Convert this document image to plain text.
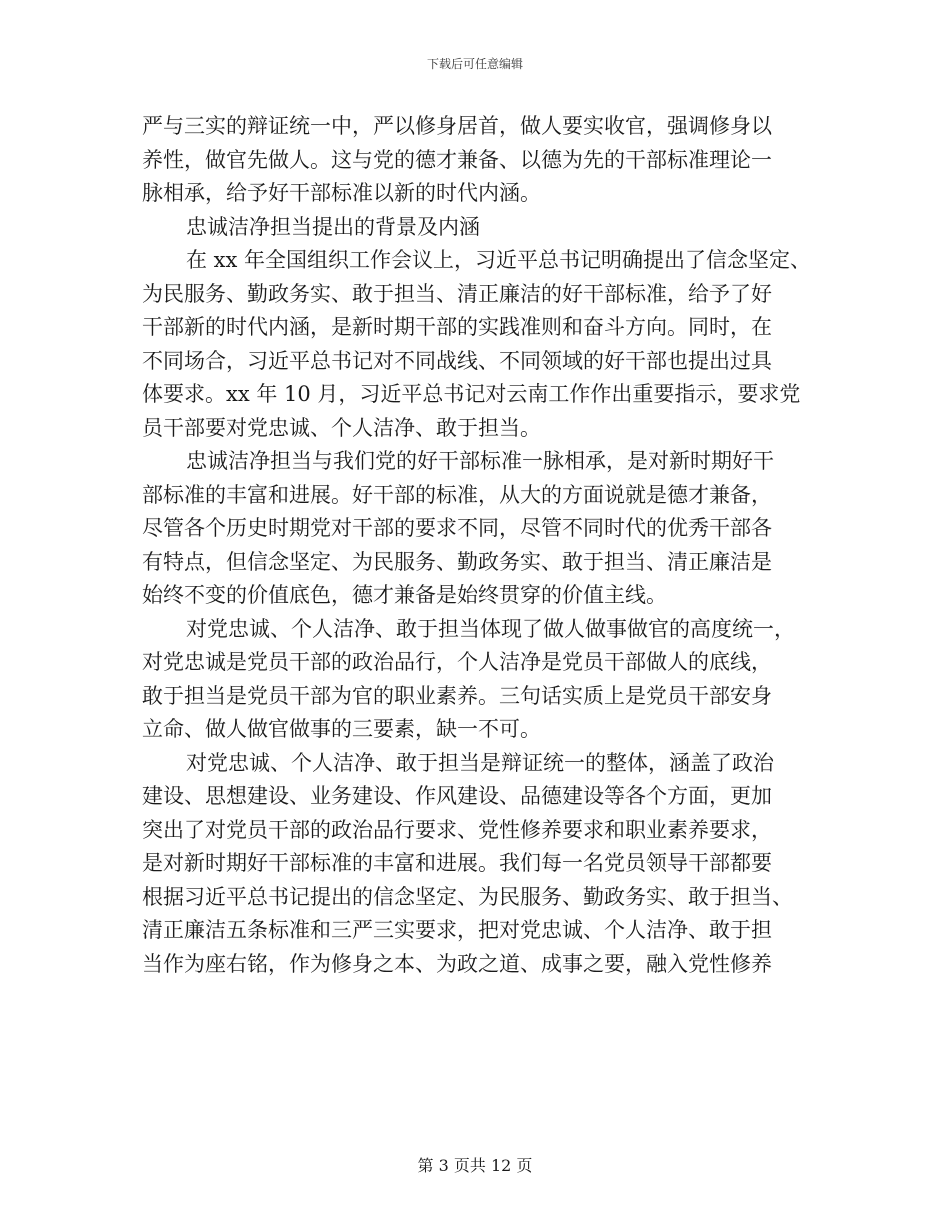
下载后可任意编辑
严与三实的辩证统一中，严以修身居首，做人要实收官，强调修身以
养性，做官先做人。这与党的德才兼备、以德为先的干部标准理论一
脉相承，给予好干部标准以新的时代内涵。
忠诚洁净担当提出的背景及内涵
在 xx 年全国组织工作会议上，习近平总书记明确提出了信念坚定、
为民服务、勤政务实、敢于担当、清正廉洁的好干部标准，给予了好
干部新的时代内涵，是新时期干部的实践准则和奋斗方向。同时，在
不同场合，习近平总书记对不同战线、不同领域的好干部也提出过具
体要求。xx 年 10 月，习近平总书记对云南工作作出重要指示，要求党
员干部要对党忠诚、个人洁净、敢于担当。
忠诚洁净担当与我们党的好干部标准一脉相承，是对新时期好干
部标准的丰富和进展。好干部的标准，从大的方面说就是德才兼备，
尽管各个历史时期党对干部的要求不同，尽管不同时代的优秀干部各
有特点，但信念坚定、为民服务、勤政务实、敢于担当、清正廉洁是
始终不变的价值底色，德才兼备是始终贯穿的价值主线。
对党忠诚、个人洁净、敢于担当体现了做人做事做官的高度统一，
对党忠诚是党员干部的政治品行，个人洁净是党员干部做人的底线，
敢于担当是党员干部为官的职业素养。三句话实质上是党员干部安身
立命、做人做官做事的三要素，缺一不可。
对党忠诚、个人洁净、敢于担当是辩证统一的整体，涵盖了政治
建设、思想建设、业务建设、作风建设、品德建设等各个方面，更加
突出了对党员干部的政治品行要求、党性修养要求和职业素养要求，
是对新时期好干部标准的丰富和进展。我们每一名党员领导干部都要
根据习近平总书记提出的信念坚定、为民服务、勤政务实、敢于担当、
清正廉洁五条标准和三严三实要求，把对党忠诚、个人洁净、敢于担
当作为座右铭，作为修身之本、为政之道、成事之要，融入党性修养
第 3 页共 12 页
